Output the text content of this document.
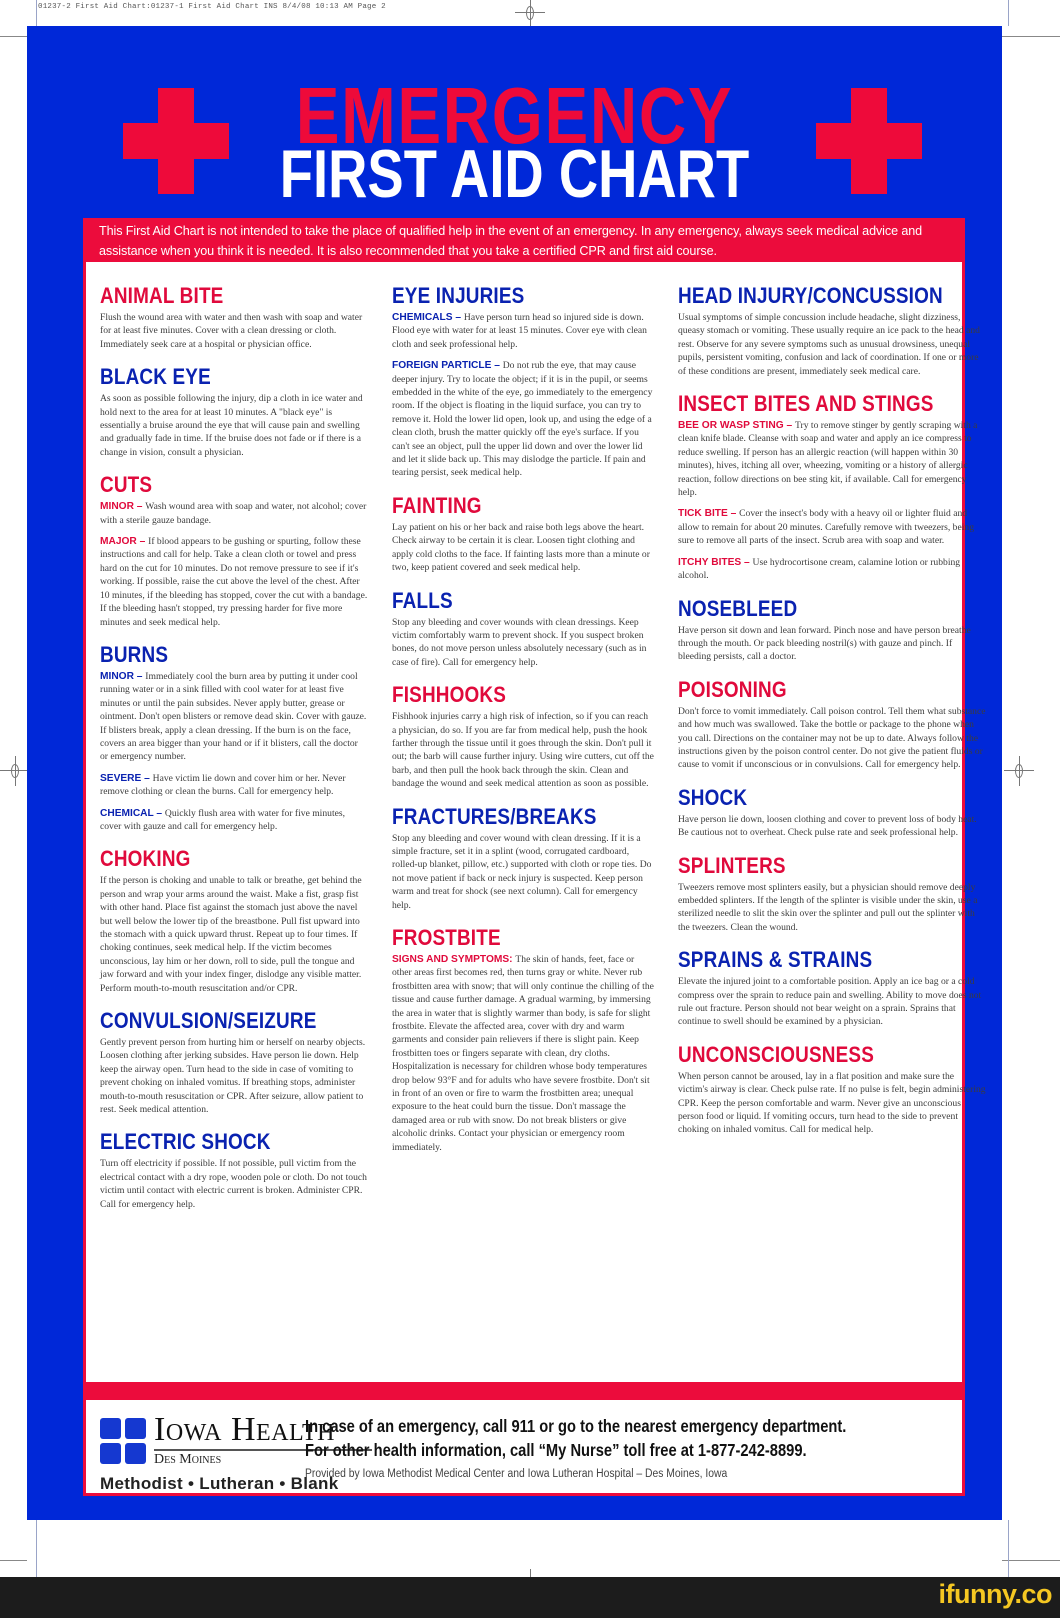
01237-2 First Aid Chart:01237-1 First Aid Chart INS 8/4/08 10:13 AM Page 2
EMERGENCY
FIRST AID CHART
This First Aid Chart is not intended to take the place of qualified help in the event of an emergency. In any emergency, always seek medical advice and assistance when you think it is needed. It is also recommended that you take a certified CPR and first aid course.
ANIMAL BITE

Flush the wound area with water and then wash with soap and water for at least five minutes. Cover with a clean dressing or cloth. Immediately seek care at a hospital or physician office.

BLACK EYE

As soon as possible following the injury, dip a cloth in ice water and hold next to the area for at least 10 minutes. A "black eye" is essentially a bruise around the eye that will cause pain and swelling and gradually fade in time. If the bruise does not fade or if there is a change in vision, consult a physician.

CUTS

MINOR – Wash wound area with soap and water, not alcohol; cover with a sterile gauze bandage.

MAJOR – If blood appears to be gushing or spurting, follow these instructions and call for help. Take a clean cloth or towel and press hard on the cut for 10 minutes. Do not remove pressure to see if it's working. If possible, raise the cut above the level of the chest. After 10 minutes, if the bleeding has stopped, cover the cut with a bandage. If the bleeding hasn't stopped, try pressing harder for five more minutes and seek medical help.

BURNS

MINOR – Immediately cool the burn area by putting it under cool running water or in a sink filled with cool water for at least five minutes or until the pain subsides. Never apply butter, grease or ointment. Don't open blisters or remove dead skin. Cover with gauze. If blisters break, apply a clean dressing. If the burn is on the face, covers an area bigger than your hand or if it blisters, call the doctor or emergency number.

SEVERE – Have victim lie down and cover him or her. Never remove clothing or clean the burns. Call for emergency help.

CHEMICAL – Quickly flush area with water for five minutes, cover with gauze and call for emergency help.

CHOKING

If the person is choking and unable to talk or breathe, get behind the person and wrap your arms around the waist. Make a fist, grasp fist with other hand. Place fist against the stomach just above the navel but well below the lower tip of the breastbone. Pull fist upward into the stomach with a quick upward thrust. Repeat up to four times. If choking continues, seek medical help. If the victim becomes unconscious, lay him or her down, roll to side, pull the tongue and jaw forward and with your index finger, dislodge any visible matter. Perform mouth-to-mouth resuscitation and/or CPR.

CONVULSION/SEIZURE

Gently prevent person from hurting him or herself on nearby objects. Loosen clothing after jerking subsides. Have person lie down. Help keep the airway open. Turn head to the side in case of vomiting to prevent choking on inhaled vomitus. If breathing stops, administer mouth-to-mouth resuscitation or CPR. After seizure, allow patient to rest. Seek medical attention.

ELECTRIC SHOCK

Turn off electricity if possible. If not possible, pull victim from the electrical contact with a dry rope, wooden pole or cloth. Do not touch victim until contact with electric current is broken. Administer CPR. Call for emergency help.

EYE INJURIES

CHEMICALS – Have person turn head so injured side is down. Flood eye with water for at least 15 minutes. Cover eye with clean cloth and seek professional help.

FOREIGN PARTICLE – Do not rub the eye, that may cause deeper injury. Try to locate the object; if it is in the pupil, or seems embedded in the white of the eye, go immediately to the emergency room. If the object is floating in the liquid surface, you can try to remove it. Hold the lower lid open, look up, and using the edge of a clean cloth, brush the matter quickly off the eye's surface. If you can't see an object, pull the upper lid down and over the lower lid and let it slide back up. This may dislodge the particle. If pain and tearing persist, seek medical help.

FAINTING

Lay patient on his or her back and raise both legs above the heart. Check airway to be certain it is clear. Loosen tight clothing and apply cold cloths to the face. If fainting lasts more than a minute or two, keep patient covered and seek medical help.

FALLS

Stop any bleeding and cover wounds with clean dressings. Keep victim comfortably warm to prevent shock. If you suspect broken bones, do not move person unless absolutely necessary (such as in case of fire). Call for emergency help.

FISHHOOKS

Fishhook injuries carry a high risk of infection, so if you can reach a physician, do so. If you are far from medical help, push the hook farther through the tissue until it goes through the skin. Don't pull it out; the barb will cause further injury. Using wire cutters, cut off the barb, and then pull the hook back through the skin. Clean and bandage the wound and seek medical attention as soon as possible.

FRACTURES/BREAKS

Stop any bleeding and cover wound with clean dressing. If it is a simple fracture, set it in a splint (wood, corrugated cardboard, rolled-up blanket, pillow, etc.) supported with cloth or rope ties. Do not move patient if back or neck injury is suspected. Keep person warm and treat for shock (see next column). Call for emergency help.

FROSTBITE

SIGNS AND SYMPTOMS: The skin of hands, feet, face or other areas first becomes red, then turns gray or white. Never rub frostbitten area with snow; that will only continue the chilling of the tissue and cause further damage. A gradual warming, by immersing the area in water that is slightly warmer than body, is safe for slight frostbite. Elevate the affected area, cover with dry and warm garments and consider pain relievers if there is slight pain. Keep frostbitten toes or fingers separate with clean, dry cloths. Hospitalization is necessary for children whose body temperatures drop below 93°F and for adults who have severe frostbite. Don't sit in front of an oven or fire to warm the frostbitten area; unequal exposure to the heat could burn the tissue. Don't massage the damaged area or rub with snow. Do not break blisters or give alcoholic drinks. Contact your physician or emergency room immediately.

HEAD INJURY/CONCUSSION

Usual symptoms of simple concussion include headache, slight dizziness, queasy stomach or vomiting. These usually require an ice pack to the head and rest. Observe for any severe symptoms such as unusual drowsiness, unequal pupils, persistent vomiting, confusion and lack of coordination. If one or more of these conditions are present, immediately seek medical care.

INSECT BITES AND STINGS

BEE OR WASP STING – Try to remove stinger by gently scraping with a clean knife blade. Cleanse with soap and water and apply an ice compress to reduce swelling. If person has an allergic reaction (will happen within 30 minutes), hives, itching all over, wheezing, vomiting or a history of allergic reaction, follow directions on bee sting kit, if available. Call for emergency help.

TICK BITE – Cover the insect's body with a heavy oil or lighter fluid and allow to remain for about 20 minutes. Carefully remove with tweezers, being sure to remove all parts of the insect. Scrub area with soap and water.

ITCHY BITES – Use hydrocortisone cream, calamine lotion or rubbing alcohol.

NOSEBLEED

Have person sit down and lean forward. Pinch nose and have person breathe through the mouth. Or pack bleeding nostril(s) with gauze and pinch. If bleeding persists, call a doctor.

POISONING

Don't force to vomit immediately. Call poison control. Tell them what substance and how much was swallowed. Take the bottle or package to the phone when you call. Directions on the container may not be up to date. Always follow the instructions given by the poison control center. Do not give the patient fluids or cause to vomit if unconscious or in convulsions. Call for emergency help.

SHOCK

Have person lie down, loosen clothing and cover to prevent loss of body heat. Be cautious not to overheat. Check pulse rate and seek professional help.

SPLINTERS

Tweezers remove most splinters easily, but a physician should remove deeply embedded splinters. If the length of the splinter is visible under the skin, use a sterilized needle to slit the skin over the splinter and pull out the splinter with the tweezers. Clean the wound.

SPRAINS & STRAINS

Elevate the injured joint to a comfortable position. Apply an ice bag or a cold compress over the sprain to reduce pain and swelling. Ability to move does not rule out fracture. Person should not bear weight on a sprain. Sprains that continue to swell should be examined by a physician.

UNCONSCIOUSNESS

When person cannot be aroused, lay in a flat position and make sure the victim's airway is clear. Check pulse rate. If no pulse is felt, begin administering CPR. Keep the person comfortable and warm. Never give an unconscious person food or liquid. If vomiting occurs, turn head to the side to prevent choking on inhaled vomitus. Call for medical help.

Iowa Health
Des Moines
Methodist • Lutheran • Blank
In case of an emergency, call 911 or go to the nearest emergency department.
For other health information, call “My Nurse” toll free at 1-877-242-8899.
Provided by Iowa Methodist Medical Center and Iowa Lutheran Hospital – Des Moines, Iowa
ifunny.co
